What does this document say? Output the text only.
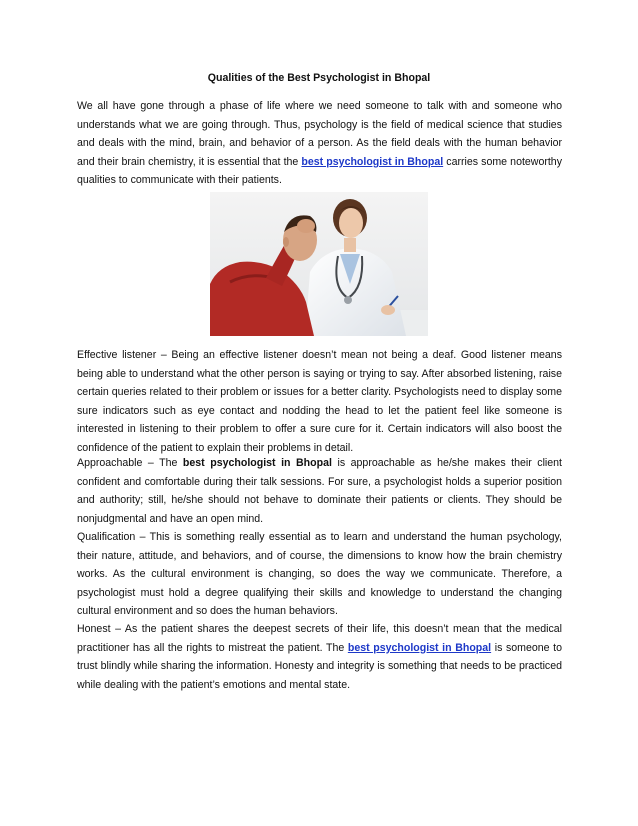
Qualities of the Best Psychologist in Bhopal

We all have gone through a phase of life where we need someone to talk with and someone who understands what we are going through. Thus, psychology is the field of medical science that studies and deals with the mind, brain, and behavior of a person. As the field deals with the human behavior and their brain chemistry, it is essential that the best psychologist in Bhopal carries some noteworthy qualities to communicate with their patients.

Effective listener – Being an effective listener doesn’t mean not being a deaf. Good listener means being able to understand what the other person is saying or trying to say. After absorbed listening, raise certain queries related to their problem or issues for a better clarity. Psychologists need to display some sure indicators such as eye contact and nodding the head to let the patient feel like someone is interested in listening to their problem to offer a sure cure for it. Certain indicators will also boost the confidence of the patient to explain their problems in detail.

Approachable – The best psychologist in Bhopal is approachable as he/she makes their client confident and comfortable during their talk sessions. For sure, a psychologist holds a superior position and authority; still, he/she should not behave to dominate their patients or clients. They should be nonjudgmental and have an open mind.

Qualification – This is something really essential as to learn and understand the human psychology, their nature, attitude, and behaviors, and of course, the dimensions to know how the brain chemistry works. As the cultural environment is changing, so does the way we communicate. Therefore, a psychologist must hold a degree qualifying their skills and knowledge to understand the changing cultural environment and so does the human behaviors.

Honest – As the patient shares the deepest secrets of their life, this doesn’t mean that the medical practitioner has all the rights to mistreat the patient. The best psychologist in Bhopal is someone to trust blindly while sharing the information. Honesty and integrity is something that needs to be practiced while dealing with the patient’s emotions and mental state.
